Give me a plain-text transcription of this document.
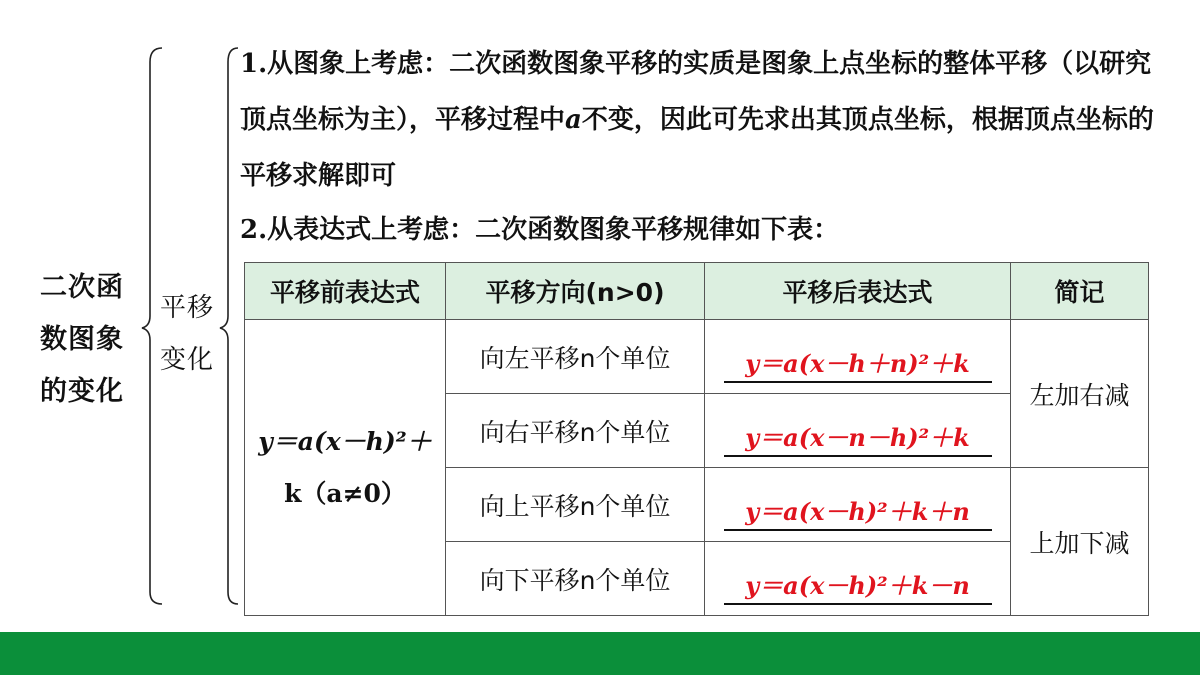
二次函数图象的变化
平移变化
1.从图象上考虑：二次函数图象平移的实质是图象上点坐标的整体平移（以研究顶点坐标为主），平移过程中a不变，因此可先求出其顶点坐标，根据顶点坐标的平移求解即可
2.从表达式上考虑：二次函数图象平移规律如下表：
平移前表达式	平移方向(n>0)	平移后表达式	简记

y＝a(x－h)²＋
k（a≠0）	向左平移n个单位	y＝a(x－h＋n)²＋k	左加右减
	向右平移n个单位	y＝a(x－n－h)²＋k	
	向上平移n个单位	y＝a(x－h)²＋k＋n	上加下减
	向下平移n个单位	y＝a(x－h)²＋k－n	
